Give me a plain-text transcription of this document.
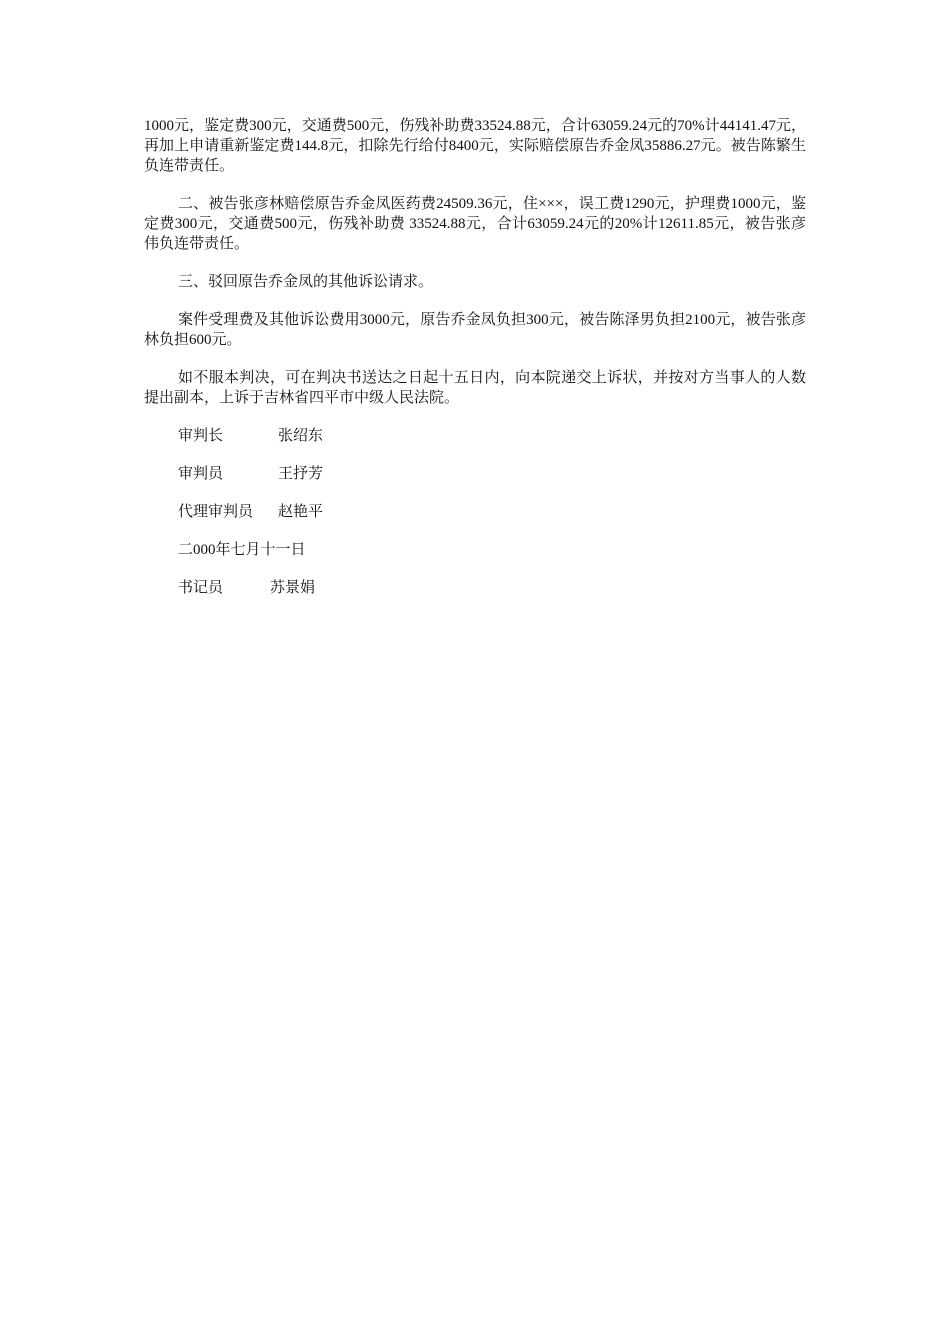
1000元，鉴定费300元，交通费500元，伤残补助费33524.88元，合计63059.24元的70%计44141.47元，再加上申请重新鉴定费144.8元，扣除先行给付8400元，实际赔偿原告乔金凤35886.27元。被告陈繁生负连带责任。

二、被告张彦林赔偿原告乔金凤医药费24509.36元，住×××，误工费1290元，护理费1000元，鉴定费300元，交通费500元，伤残补助费 33524.88元，合计63059.24元的20%计12611.85元，被告张彦伟负连带责任。

三、驳回原告乔金凤的其他诉讼请求。

案件受理费及其他诉讼费用3000元，原告乔金凤负担300元，被告陈泽男负担2100元，被告张彦林负担600元。

如不服本判决，可在判决书送达之日起十五日内，向本院递交上诉状，并按对方当事人的人数提出副本，上诉于吉林省四平市中级人民法院。

审判长	张绍东
审判员	王抒芳
代理审判员 赵艳平
二000年七月十一日
书记员	苏景娟
